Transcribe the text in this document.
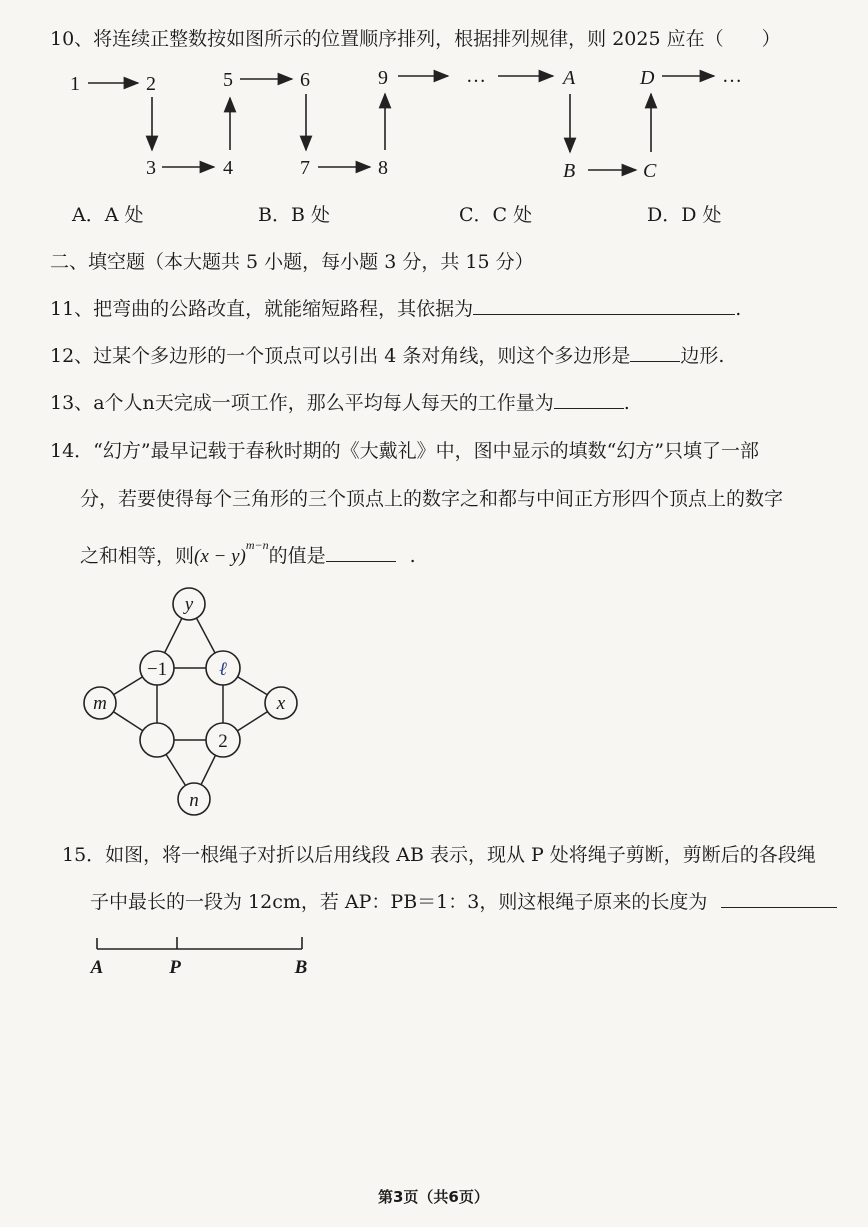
10、将连续正整数按如图所示的位置顺序排列，根据排列规律，则 2025 应在（　　）
1	2	5	6	9	…	A	D	…
3	4	7	8	B	C
A．A 处	B．B 处	C．C 处	D．D 处
二、填空题（本大题共 5 小题，每小题 3 分，共 15 分）
11、把弯曲的公路改直，就能缩短路程，其依据为	.
12、过某个多边形的一个顶点可以引出 4 条对角线，则这个多边形是	边形.
13、a个人n天完成一项工作，那么平均每人每天的工作量为	.
14．“幻方”最早记载于春秋时期的《大戴礼》中，图中显示的填数“幻方”只填了一部
分，若要使得每个三角形的三个顶点上的数字之和都与中间正方形四个顶点上的数字
之和相等，则$(x - y)^{m-n}$的值是	.
y
−1	ℓ
m	x
2
n
15．如图，将一根绳子对折以后用线段 AB 表示，现从 P 处将绳子剪断，剪断后的各段绳
子中最长的一段为 12cm，若 AP：PB＝1：3，则这根绳子原来的长度为
A	P	B
第3页（共6页）
